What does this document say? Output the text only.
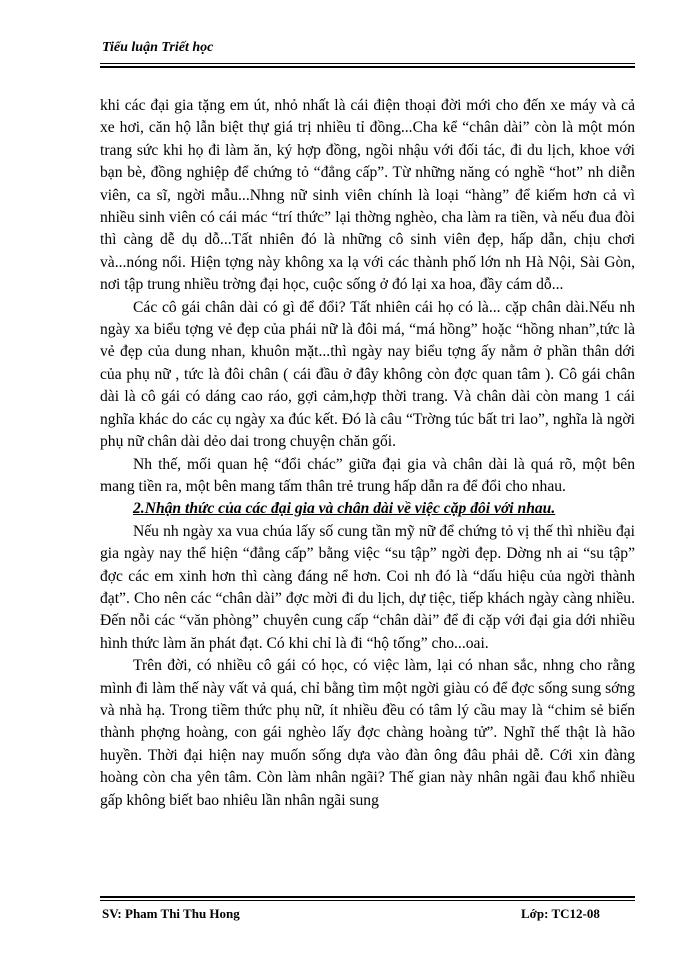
Tiểu luận Triết học

khi các đại gia tặng em út, nhỏ nhất là cái điện thoại đời mới cho đến xe máy và cả xe hơi, căn hộ lẫn biệt thự giá trị nhiều tỉ đồng...Cha kể “chân dài” còn là một món trang sức khi họ đi làm ăn, ký hợp đồng, ngồi nhậu với đối tác, đi du lịch, khoe với bạn bè, đồng nghiệp để chứng tỏ “đẳng cấp”. Từ những năng có nghề “hot” nh diễn viên, ca sĩ, ngời mẫu...Nhng nữ sinh viên chính là loại “hàng” để kiếm hơn cả vì nhiều sinh viên có cái mác “trí thức” lại thờng nghèo, cha làm ra tiền, và nếu đua đòi thì càng dễ dụ dỗ...Tất nhiên đó là những cô sinh viên đẹp, hấp dẫn, chịu chơi và...nóng nổi. Hiện tợng này không xa lạ với các thành phố lớn nh Hà Nội, Sài Gòn, nơi tập trung nhiều trờng đại học, cuộc sống ở đó lại xa hoa, đầy cám dỗ...

Các cô gái chân dài có gì để đổi? Tất nhiên cái họ có là... cặp chân dài.Nếu nh ngày xa biểu tợng vẻ đẹp của phái nữ là đôi má, “má hồng” hoặc “hồng nhan”,tức là vẻ đẹp của dung nhan, khuôn mặt...thì ngày nay biểu tợng ấy nằm ở phần thân dới của phụ nữ , tức là đôi chân ( cái đầu ở đây không còn đợc quan tâm ). Cô gái chân dài là cô gái có dáng cao ráo, gợi cảm,hợp thời trang. Và chân dài còn mang 1 cái nghĩa khác do các cụ ngày xa đúc kết. Đó là câu “Trờng túc bất tri lao”, nghĩa là ngời phụ nữ chân dài dẻo dai trong chuyện chăn gối.

Nh thế, mối quan hệ “đổi chác” giữa đại gia và chân dài là quá rõ, một bên mang tiền ra, một bên mang tấm thân trẻ trung hấp dẫn ra để đổi cho nhau.

2.Nhận thức của các đại gia và chân dài về việc cặp đôi với nhau.

Nếu nh ngày xa vua chúa lấy số cung tần mỹ nữ để chứng tỏ vị thế thì nhiều đại gia ngày nay thể hiện “đẳng cấp” bằng việc “su tập” ngời đẹp. Dờng nh ai “su tập” đợc các em xinh hơn thì càng đáng nể hơn. Coi nh đó là “dấu hiệu của ngời thành đạt”. Cho nên các “chân dài” đợc mời đi du lịch, dự tiệc, tiếp khách ngày càng nhiều. Đến nỗi các “văn phòng” chuyên cung cấp “chân dài” để đi cặp với đại gia dới nhiều hình thức làm ăn phát đạt. Có khi chỉ là đi “hộ tống” cho...oai.

Trên đời, có nhiều cô gái có học, có việc làm, lại có nhan sắc, nhng cho rằng mình đi làm thế này vất vả quá, chỉ bằng tìm một ngời giàu có để đợc sống sung sớng và nhà hạ. Trong tiềm thức phụ nữ, ít nhiều đều có tâm lý cầu may là “chim sẻ biến thành phợng hoàng, con gái nghèo lấy đợc chàng hoàng tử”. Nghĩ thế thật là hão huyền. Thời đại hiện nay muốn sống dựa vào đàn ông đâu phải dễ. Cới xin đàng hoàng còn cha yên tâm. Còn làm nhân ngãi? Thế gian này nhân ngãi đau khổ nhiều gấp không biết bao nhiêu lần nhân ngãi sung

SV: Pham Thi Thu Hong	Lớp: TC12-08
